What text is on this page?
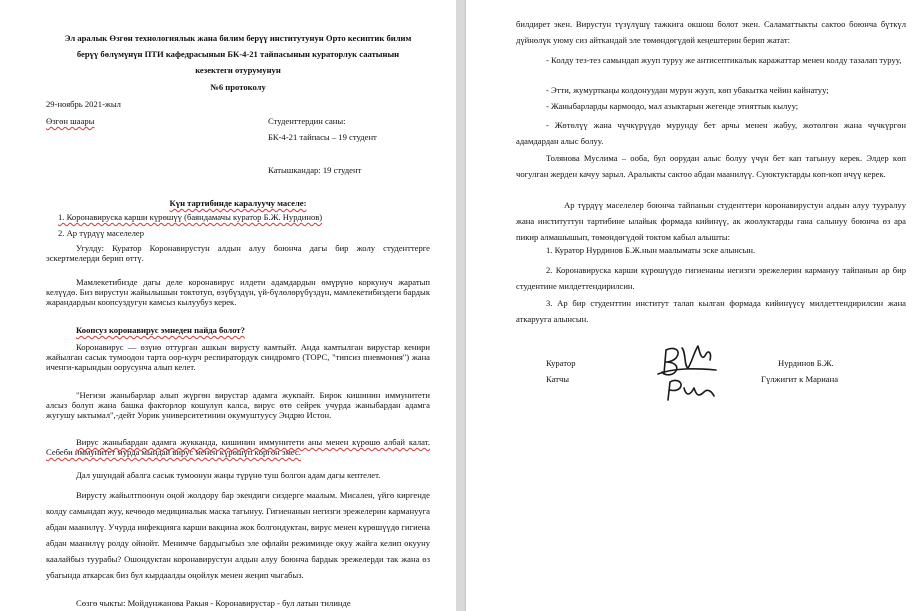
Эл аралык Өзгөн технологиялык жана билим берүү институтунун Орто кесиптик билим
берүү бөлүмүнүн ПТИ кафедрасынын БК-4-21 тайпасынын кураторлук саатынын
кезектеги отурумунун
№6 протоколу
29-ноябрь 2021-жыл
Өзгөн шаары	Студенттердин саны:
БК-4-21 тайпасы – 19 студент
Катышкандар: 19 студент
Күн тартибинде каралуучу маселе:
1. Коронавируска карши күрөшүү (баяндамачы куратор Б.Ж. Нурдинов)
2. Ар түрдүү маселелер
Угулду: Куратор Коронавирустун алдын алуу боюнча дагы бир жолу студенттерге эскертмелерди берип өттү.
Мамлекетибизде дагы деле коронавирус илдети адамдардын өмүрүнө коркунуч жаратып келүүдө. Биз вирустун жайылышын токтотуп, өзүбүздүн, үй-бүлөлөрүбүздүн, мамлекетибиздеги бардык жарандардын коопсуздугун камсыз кылуубуз керек.
Коопсуз коронавирус эмнеден пайда болот?
Коронавирус — өзүнө оттурган ашкын вирусту камтыйт. Анда камтылган вирустар кенири жайылган сасык тумоодон тарта оор-курч респиратордук синдромго (ТОРС, "типсиз пневмония") жана иченги-карындын оорусунча алып келет.
"Негизи жаныбарлар алып жүргөн вирустар адамга жукпайт. Бирок кишинин иммунитети алсыз болуп жана башка факторлор кошулуп калса, вирус өтө сейрек учурда жаныбардан адамга жугушу ыктымал",-дейт Уорик университетинин окумуштуусу Эндрю Истон.
Вирус жаныбардан адамга жукканда, кишинин иммунитети аны менен күрөшө албай калат. Себеби иммунитет мурда мындай вирус менен күрөшүп көргөн эмес.
Дал ушундай абалга сасык тумоонун жаңы түрүнө туш болгон адам дагы кептелет.
Вирусту жайылтпоонун оңой жолдору бар экендиги сиздерге маалым. Мисален, үйгө киргенде колду самындап жуу, кечөөдө медициналык маска тагынуу. Гигиенанын негизги эрежелерин карманууга абдан маанилүү. Учурда инфекцияга карши вакцина жок болгондуктан, вирус менен күрөшүүдө гигиена абдан маанилүү ролду ойнойт. Менимче бардыгыбыз эле офлайн режиминде окуу жайга келип окууну каалайбыз туурабы? Ошондуктан коронавирустун алдын алуу боюнча бардык эрежелерди так жана өз убагында аткарсак биз бул кырдаалды оңойлук менен жеңип чыгабыз.
Сөзгө чыкты: Мойдунжанова Ракыя - Коронавирустар - бул латын тилинде
билдирет экен. Вирустун түзүлүшү тажкига окшош болот экен. Саламаттыкты сактоо боюнча бүткүл дүйнөлүк уюму сиз айткандай эле төмөндөгүдөй кеңештерин берип жатат:
- Колду тез-тез самындап жууп туруу же антисептикалык каражаттар менен колду тазалап туруу,
- Этти, жумурткаңы колдонуудан мурун жууп, көп убакытка чейин кайнатуу;
- Жаныбарларды кармоодо, мал азыктарын жегенде этияттык кылуу;
- Жөтөлүү жана чүчкүрүүдө мурунду бет арчы менен жабуу, жөтөлгөн жана чүчкүргөн адамдардан алыс болуу.
Толянова Муслима – ооба, бул оорудан алыс болуу үчүн бет кап тагынуу керек. Элдер көп чогулган жерден качуу зарыл. Аралыкты сактоо абдан маанилүү. Суюктуктарды көп-көп ичүү керек.
Ар түрдүү маселелер боюнча тайпанын студенттери коронавирустун алдын алуу тууралуу жана институттун тартибине ылайык формада кийинүү, ак жоолуктарды гана салынуу боюнча өз ара пикир алмашышып, төмөндөгүдөй токтом кабыл алышты:
1. Куратор Нурдинов Б.Ж.нын маалыматы эске алынсын.
2. Коронавируска карши күрөшүүдө гигиенаны негизги эрежелерин кармануу тайпанын ар бир студентине милдеттендирилсин.
3. Ар бир студенттин институт талап кылган формада кийинүүсү милдеттендирилсин жана аткарууга алынсын.
Куратор	Нурдинов Б.Ж.
Катчы	Гүлжигит к Мариана
